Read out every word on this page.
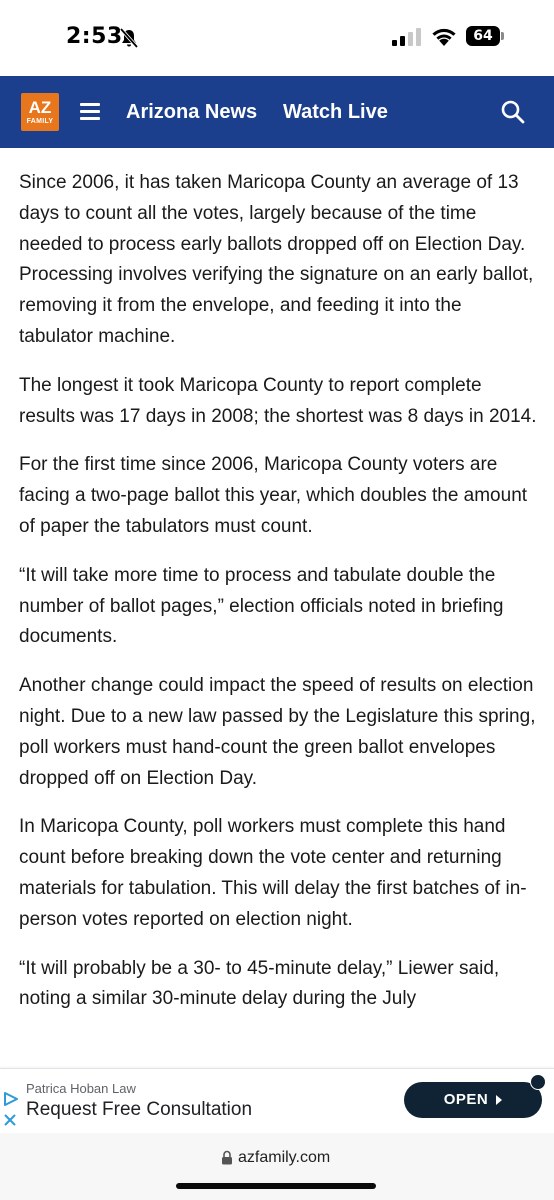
2:53	64
AZ
FAMILY	Arizona News Watch Live

Since 2006, it has taken Maricopa County an average of 13 days to count all the votes, largely because of the time needed to process early ballots dropped off on Election Day. Processing involves verifying the signature on an early ballot, removing it from the envelope, and feeding it into the tabulator machine.

The longest it took Maricopa County to report complete results was 17 days in 2008; the shortest was 8 days in 2014.

For the first time since 2006, Maricopa County voters are facing a two-page ballot this year, which doubles the amount of paper the tabulators must count.

“It will take more time to process and tabulate double the number of ballot pages,” election officials noted in briefing documents.

Another change could impact the speed of results on election night. Due to a new law passed by the Legislature this spring, poll workers must hand-count the green ballot envelopes dropped off on Election Day.

In Maricopa County, poll workers must complete this hand count before breaking down the vote center and returning materials for tabulation. This will delay the first batches of in-person votes reported on election night.

“It will probably be a 30- to 45-minute delay,” Liewer said, noting a similar 30-minute delay during the July

Patrica Hoban Law
Request Free Consultation	OPEN
azfamily.com
